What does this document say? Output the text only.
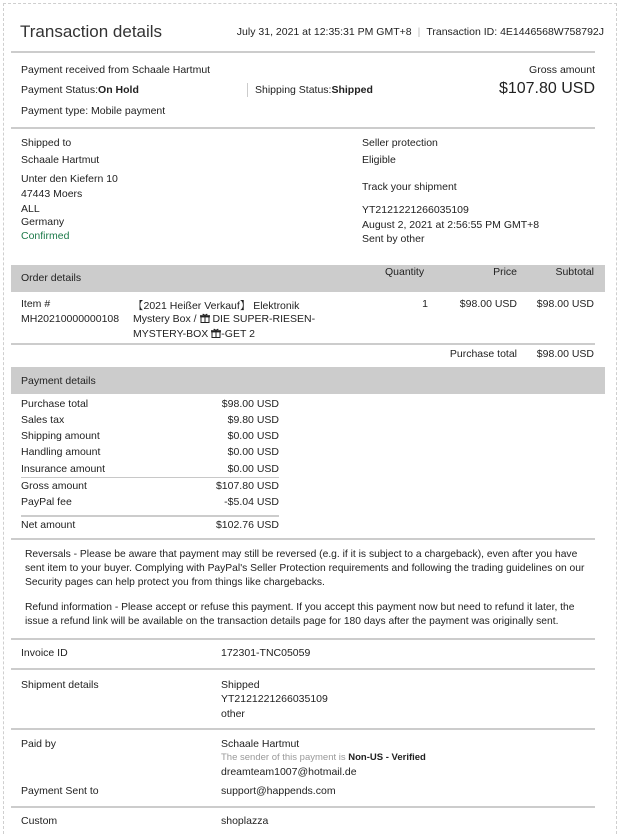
Transaction details	July 31, 2021 at 12:35:31 PM GMT+8 | Transaction ID: 4E1446568W758792J
Payment received from Schaale Hartmut
Payment Status:On Hold	Shipping Status:Shipped
Payment type: Mobile payment
Gross amount
$107.80 USD
Shipped to
Schaale Hartmut
Unter den Kiefern 10
47443 Moers
ALL
Germany
Confirmed
Seller protection
Eligible
Track your shipment
YT2121221266035109
August 2, 2021 at 2:56:55 PM GMT+8
Sent by other
Order details	Quantity	Price	Subtotal
Item #
MH20210000000108
【2021 Heißer Verkauf】 Elektronik
Mystery Box / DIE SUPER-RIESEN-
MYSTERY-BOX -GET 2
1	$98.00 USD $98.00 USD
Purchase total $98.00 USD
Payment details
Purchase total	$98.00 USD
Sales tax	$9.80 USD
Shipping amount	$0.00 USD
Handling amount	$0.00 USD
Insurance amount	$0.00 USD
Gross amount	$107.80 USD
PayPal fee	-$5.04 USD
Net amount	$102.76 USD
Reversals - Please be aware that payment may still be reversed (e.g. if it is subject to a chargeback), even after you have sent item to your buyer. Complying with PayPal's Seller Protection requirements and following the trading guidelines on our Security pages can help protect you from things like chargebacks.
Refund information - Please accept or refuse this payment. If you accept this payment now but need to refund it later, the issue a refund link will be available on the transaction details page for 180 days after the payment was originally sent.
Invoice ID	172301-TNC05059
Shipment details	Shipped
YT2121221266035109
other
Paid by	Schaale Hartmut
The sender of this payment is Non-US - Verified
dreamteam1007@hotmail.de
Payment Sent to	support@happends.com
Custom	shoplazza
